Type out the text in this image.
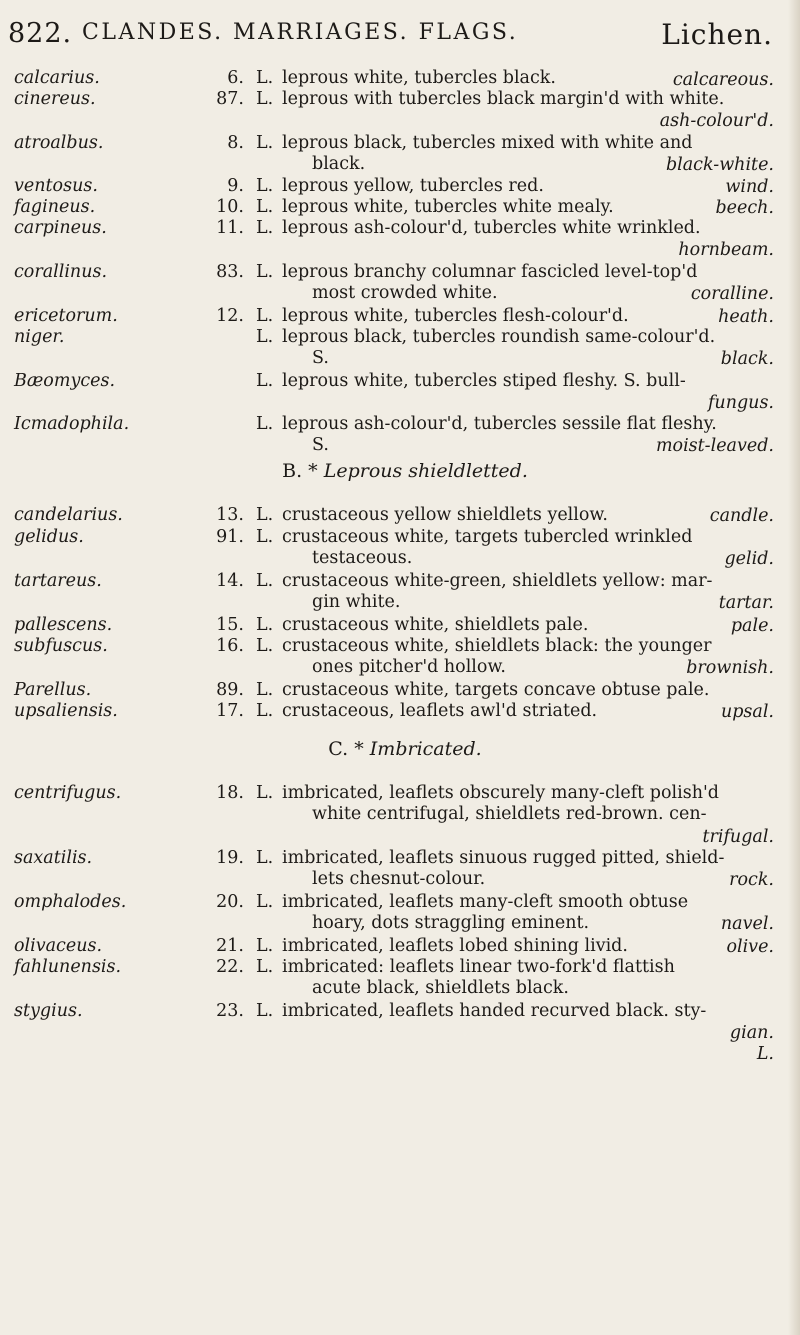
822. CLANDES. MARRIAGES. FLAGS.	Lichen.
calcarius.	6. L. leprous white, tubercles black.	calcareous.
cinereus.	87. L. leprous with tubercles black margin'd with white.
ash-colour'd.
atroalbus.	8. L. leprous black, tubercles mixed with white and
black.	black-white.
ventosus.	9. L. leprous yellow, tubercles red.	wind.
fagineus.	10. L. leprous white, tubercles white mealy.	beech.
carpineus.	11. L. leprous ash-colour'd, tubercles white wrinkled.
hornbeam.
corallinus.	83. L. leprous branchy columnar fascicled level-top'd
most crowded white.	coralline.
ericetorum.	12. L. leprous white, tubercles flesh-colour'd.	heath.
niger.	L. leprous black, tubercles roundish same-colour'd.
S.	black.
Bæomyces.	L. leprous white, tubercles stiped fleshy. S. bull-
fungus.
Icmadophila.	L. leprous ash-colour'd, tubercles sessile flat fleshy.
S.	moist-leaved.
B. * Leprous shieldletted.
candelarius.	13. L. crustaceous yellow shieldlets yellow.	candle.
gelidus.	91. L. crustaceous white, targets tubercled wrinkled
testaceous.	gelid.
tartareus.	14. L. crustaceous white-green, shieldlets yellow: mar-
gin white.	tartar.
pallescens.	15. L. crustaceous white, shieldlets pale.	pale.
subfuscus.	16. L. crustaceous white, shieldlets black: the younger
ones pitcher'd hollow.	brownish.
Parellus.	89. L. crustaceous white, targets concave obtuse pale.
upsaliensis.	17. L. crustaceous, leaflets awl'd striated.	upsal.
C. * Imbricated.
centrifugus.	18. L. imbricated, leaflets obscurely many-cleft polish'd
white centrifugal, shieldlets red-brown. cen-
trifugal.
saxatilis.	19. L. imbricated, leaflets sinuous rugged pitted, shield-
lets chesnut-colour.	rock.
omphalodes.	20. L. imbricated, leaflets many-cleft smooth obtuse
hoary, dots straggling eminent.	navel.
olivaceus.	21. L. imbricated, leaflets lobed shining livid.	olive.
fahlunensis.	22. L. imbricated: leaflets linear two-fork'd flattish
acute black, shieldlets black.
stygius.	23. L. imbricated, leaflets handed recurved black. sty-
gian.
L.
